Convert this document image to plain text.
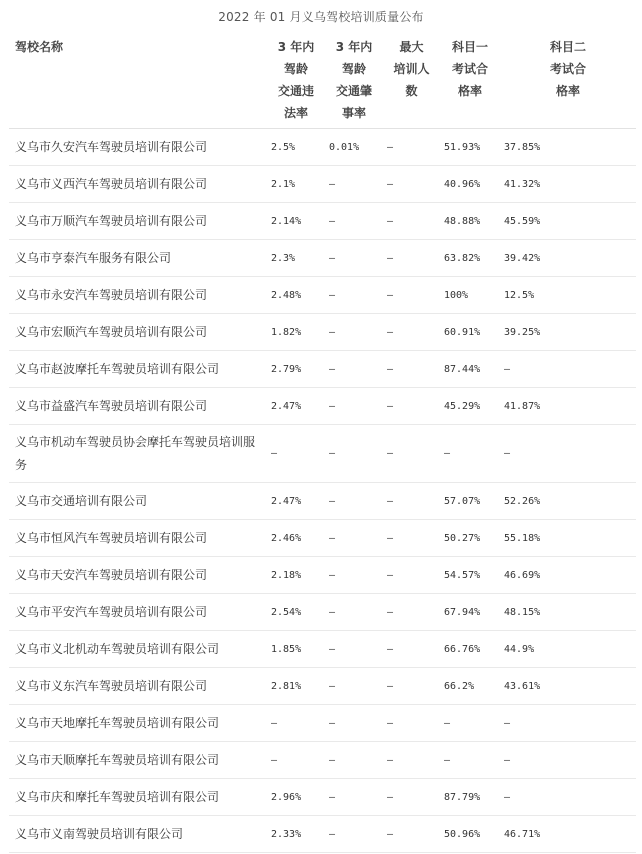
2022 年 01 月义乌驾校培训质量公布
驾校名称	3 年内
驾龄
交通违
法率	3 年内
驾龄
交通肇
事率	最大
培训人
数	科目一
考试合
格率	科目二
考试合
格率

义乌市久安汽车驾驶员培训有限公司	2.5%	0.01%	—	51.93%	37.85%
义乌市义西汽车驾驶员培训有限公司	2.1%	—	—	40.96%	41.32%
义乌市万顺汽车驾驶员培训有限公司	2.14%	—	—	48.88%	45.59%
义乌市亨泰汽车服务有限公司	2.3%	—	—	63.82%	39.42%
义乌市永安汽车驾驶员培训有限公司	2.48%	—	—	100%	12.5%
义乌市宏顺汽车驾驶员培训有限公司	1.82%	—	—	60.91%	39.25%
义乌市赵波摩托车驾驶员培训有限公司	2.79%	—	—	87.44%	—
义乌市益盛汽车驾驶员培训有限公司	2.47%	—	—	45.29%	41.87%
义乌市机动车驾驶员协会摩托车驾驶员培训服务	—	—	—	—	—
义乌市交通培训有限公司	2.47%	—	—	57.07%	52.26%
义乌市恒风汽车驾驶员培训有限公司	2.46%	—	—	50.27%	55.18%
义乌市天安汽车驾驶员培训有限公司	2.18%	—	—	54.57%	46.69%
义乌市平安汽车驾驶员培训有限公司	2.54%	—	—	67.94%	48.15%
义乌市义北机动车驾驶员培训有限公司	1.85%	—	—	66.76%	44.9%
义乌市义东汽车驾驶员培训有限公司	2.81%	—	—	66.2%	43.61%
义乌市天地摩托车驾驶员培训有限公司	—	—	—	—	—
义乌市天顺摩托车驾驶员培训有限公司	—	—	—	—	—
义乌市庆和摩托车驾驶员培训有限公司	2.96%	—	—	87.79%	—
义乌市义南驾驶员培训有限公司	2.33%	—	—	50.96%	46.71%
